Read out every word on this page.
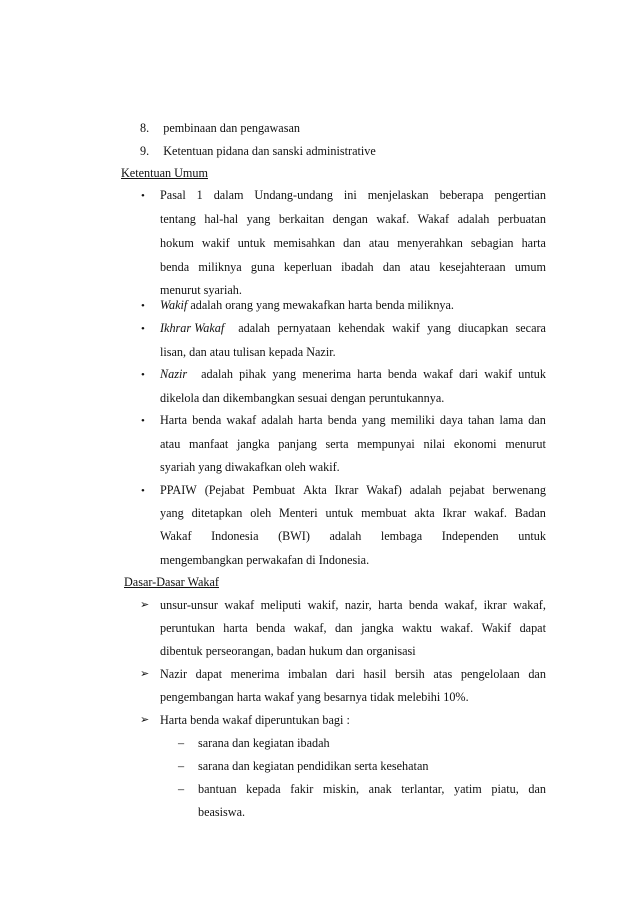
8. pembinaan dan pengawasan
9. Ketentuan pidana dan sanski administrative
Ketentuan Umum
• Pasal 1 dalam Undang-undang ini menjelaskan beberapa pengertian
tentang hal-hal yang berkaitan dengan wakaf. Wakaf adalah perbuatan
hokum wakif untuk memisahkan dan atau menyerahkan sebagian harta
benda miliknya guna keperluan ibadah dan atau kesejahteraan umum
menurut syariah.
• Wakif adalah orang yang mewakafkan harta benda miliknya.
• Ikhrar Wakaf adalah pernyataan kehendak wakif yang diucapkan secara
lisan, dan atau tulisan kepada Nazir.
• Nazir adalah pihak yang menerima harta benda wakaf dari wakif untuk
dikelola dan dikembangkan sesuai dengan peruntukannya.
• Harta benda wakaf adalah harta benda yang memiliki daya tahan lama dan
atau manfaat jangka panjang serta mempunyai nilai ekonomi menurut
syariah yang diwakafkan oleh wakif.
• PPAIW (Pejabat Pembuat Akta Ikrar Wakaf) adalah pejabat berwenang
yang ditetapkan oleh Menteri untuk membuat akta Ikrar wakaf. Badan
Wakaf Indonesia (BWI) adalah lembaga Independen untuk
mengembangkan perwakafan di Indonesia.
Dasar-Dasar Wakaf
➢ unsur-unsur wakaf meliputi wakif, nazir, harta benda wakaf, ikrar wakaf,
peruntukan harta benda wakaf, dan jangka waktu wakaf. Wakif dapat
dibentuk perseorangan, badan hukum dan organisasi
➢ Nazir dapat menerima imbalan dari hasil bersih atas pengelolaan dan
pengembangan harta wakaf yang besarnya tidak melebihi 10%.
➢ Harta benda wakaf diperuntukan bagi :
– sarana dan kegiatan ibadah
– sarana dan kegiatan pendidikan serta kesehatan
– bantuan kepada fakir miskin, anak terlantar, yatim piatu, dan
beasiswa.
